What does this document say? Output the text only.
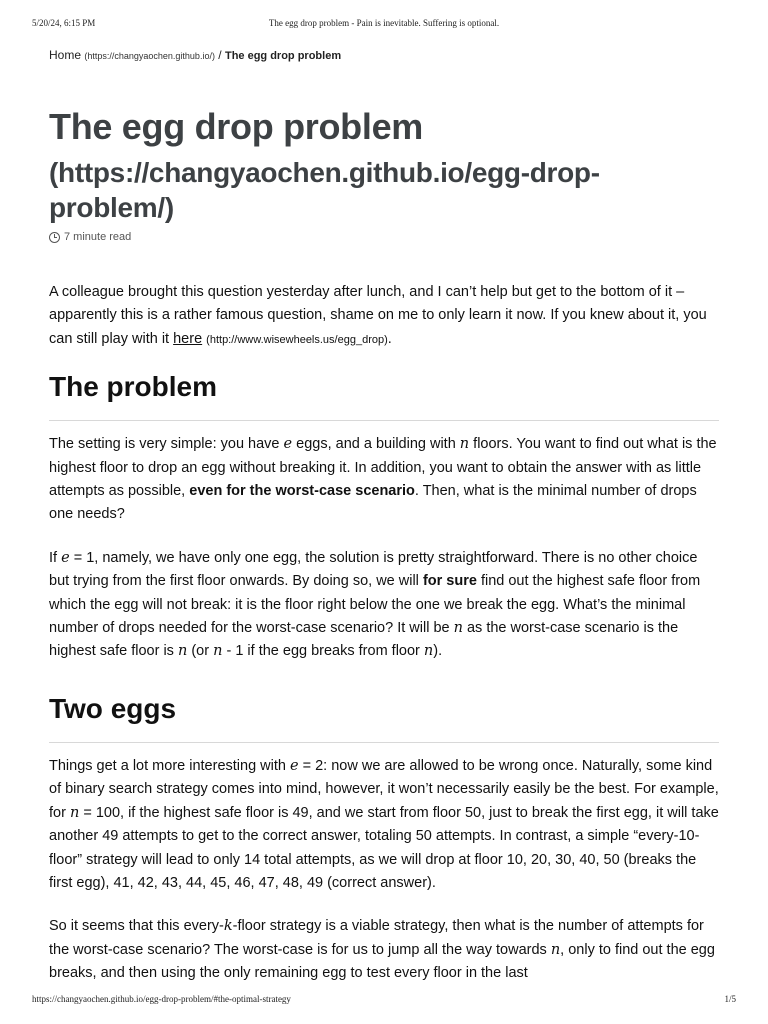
5/20/24, 6:15 PM	The egg drop problem - Pain is inevitable. Suffering is optional.
Home (https://changyaochen.github.io/) / The egg drop problem
The egg drop problem
(https://changyaochen.github.io/egg-drop-problem/)
7 minute read

A colleague brought this question yesterday after lunch, and I can’t help but get to the bottom of it – apparently this is a rather famous question, shame on me to only learn it now. If you knew about it, you can still play with it here (http://www.wisewheels.us/egg_drop).

The problem

The setting is very simple: you have e eggs, and a building with n floors. You want to find out what is the highest floor to drop an egg without breaking it. In addition, you want to obtain the answer with as little attempts as possible, even for the worst-case scenario. Then, what is the minimal number of drops one needs?

If e = 1, namely, we have only one egg, the solution is pretty straightforward. There is no other choice but trying from the first floor onwards. By doing so, we will for sure find out the highest safe floor from which the egg will not break: it is the floor right below the one we break the egg. What’s the minimal number of drops needed for the worst-case scenario? It will be n as the worst-case scenario is the highest safe floor is n (or n - 1 if the egg breaks from floor n).

Two eggs

Things get a lot more interesting with e = 2: now we are allowed to be wrong once. Naturally, some kind of binary search strategy comes into mind, however, it won’t necessarily easily be the best. For example, for n = 100, if the highest safe floor is 49, and we start from floor 50, just to break the first egg, it will take another 49 attempts to get to the correct answer, totaling 50 attempts. In contrast, a simple “every-10-floor” strategy will lead to only 14 total attempts, as we will drop at floor 10, 20, 30, 40, 50 (breaks the first egg), 41, 42, 43, 44, 45, 46, 47, 48, 49 (correct answer).

So it seems that this every-k-floor strategy is a viable strategy, then what is the number of attempts for the worst-case scenario? The worst-case is for us to jump all the way towards n, only to find out the egg breaks, and then using the only remaining egg to test every floor in the last

https://changyaochen.github.io/egg-drop-problem/#the-optimal-strategy	1/5
